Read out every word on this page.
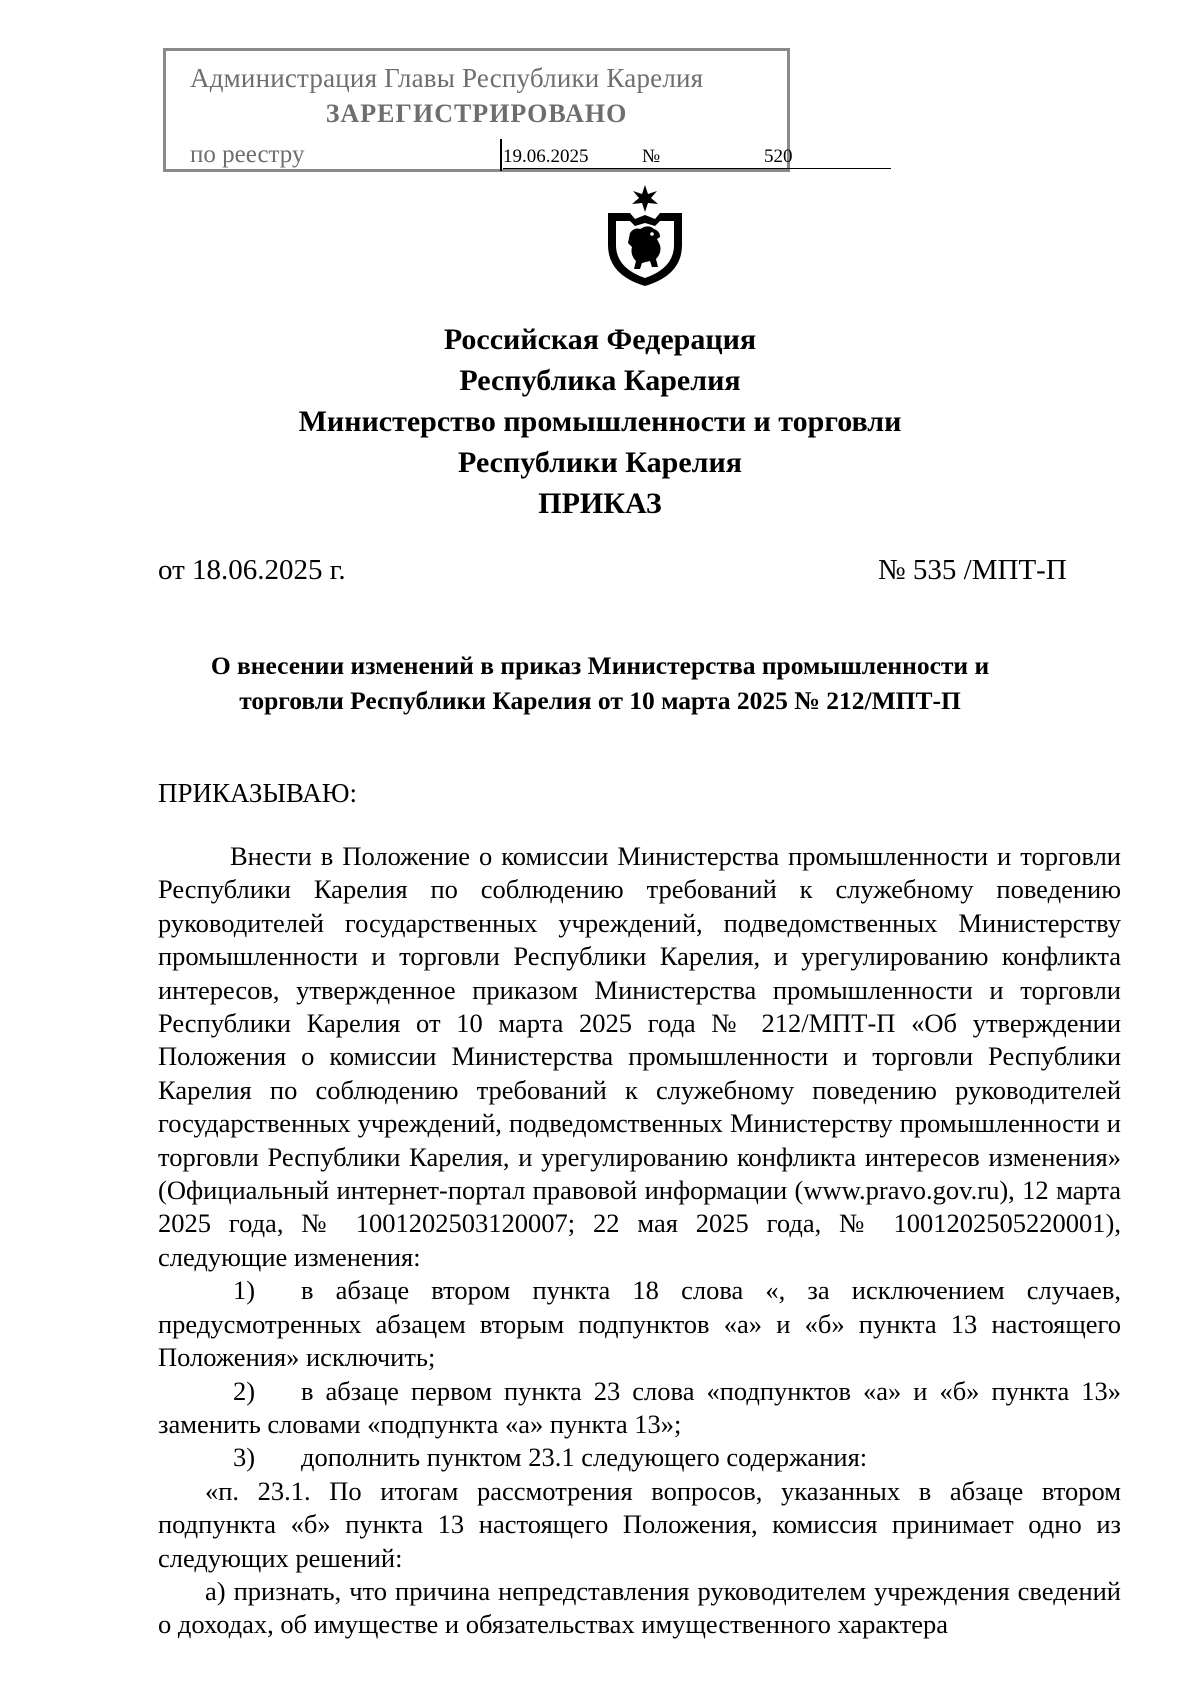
Администрация Главы Республики Карелия
ЗАРЕГИСТРИРОВАНО
по реестру	19.06.2025	№	520
Российская Федерация
Республика Карелия
Министерство промышленности и торговли
Республики Карелия
ПРИКАЗ
от 18.06.2025 г.	№ 535 /МПТ-П
О внесении изменений в приказ Министерства промышленности и
торговли Республики Карелия от 10 марта 2025 № 212/МПТ-П
ПРИКАЗЫВАЮ:

Внести в Положение о комиссии Министерства промышленности и торговли Республики Карелия по соблюдению требований к служебному поведению руководителей государственных учреждений, подведомственных Министерству промышленности и торговли Республики Карелия, и урегулированию конфликта интересов, утвержденное приказом Министерства промышленности и торговли Республики Карелия от 10 марта 2025 года № 212/МПТ-П «Об утверждении Положения о комиссии Министерства промышленности и торговли Республики Карелия по соблюдению требований к служебному поведению руководителей государственных учреждений, подведомственных Министерству промышленности и торговли Республики Карелия, и урегулированию конфликта интересов изменения» (Официальный интернет-портал правовой информации (www.pravo.gov.ru), 12 марта 2025 года, № 1001202503120007; 22 мая 2025 года, № 1001202505220001), следующие изменения:

1)	в абзаце втором пункта 18 слова «, за исключением случаев, предусмотренных абзацем вторым подпунктов «а» и «б» пункта 13 настоящего Положения» исключить;
2)	в абзаце первом пункта 23 слова «подпунктов «а» и «б» пункта 13» заменить словами «подпункта «а» пункта 13»;
3)	дополнить пунктом 23.1 следующего содержания:

«п. 23.1. По итогам рассмотрения вопросов, указанных в абзаце втором подпункта «б» пункта 13 настоящего Положения, комиссия принимает одно из следующих решений:

а) признать, что причина непредставления руководителем учреждения сведений о доходах, об имуществе и обязательствах имущественного характера
